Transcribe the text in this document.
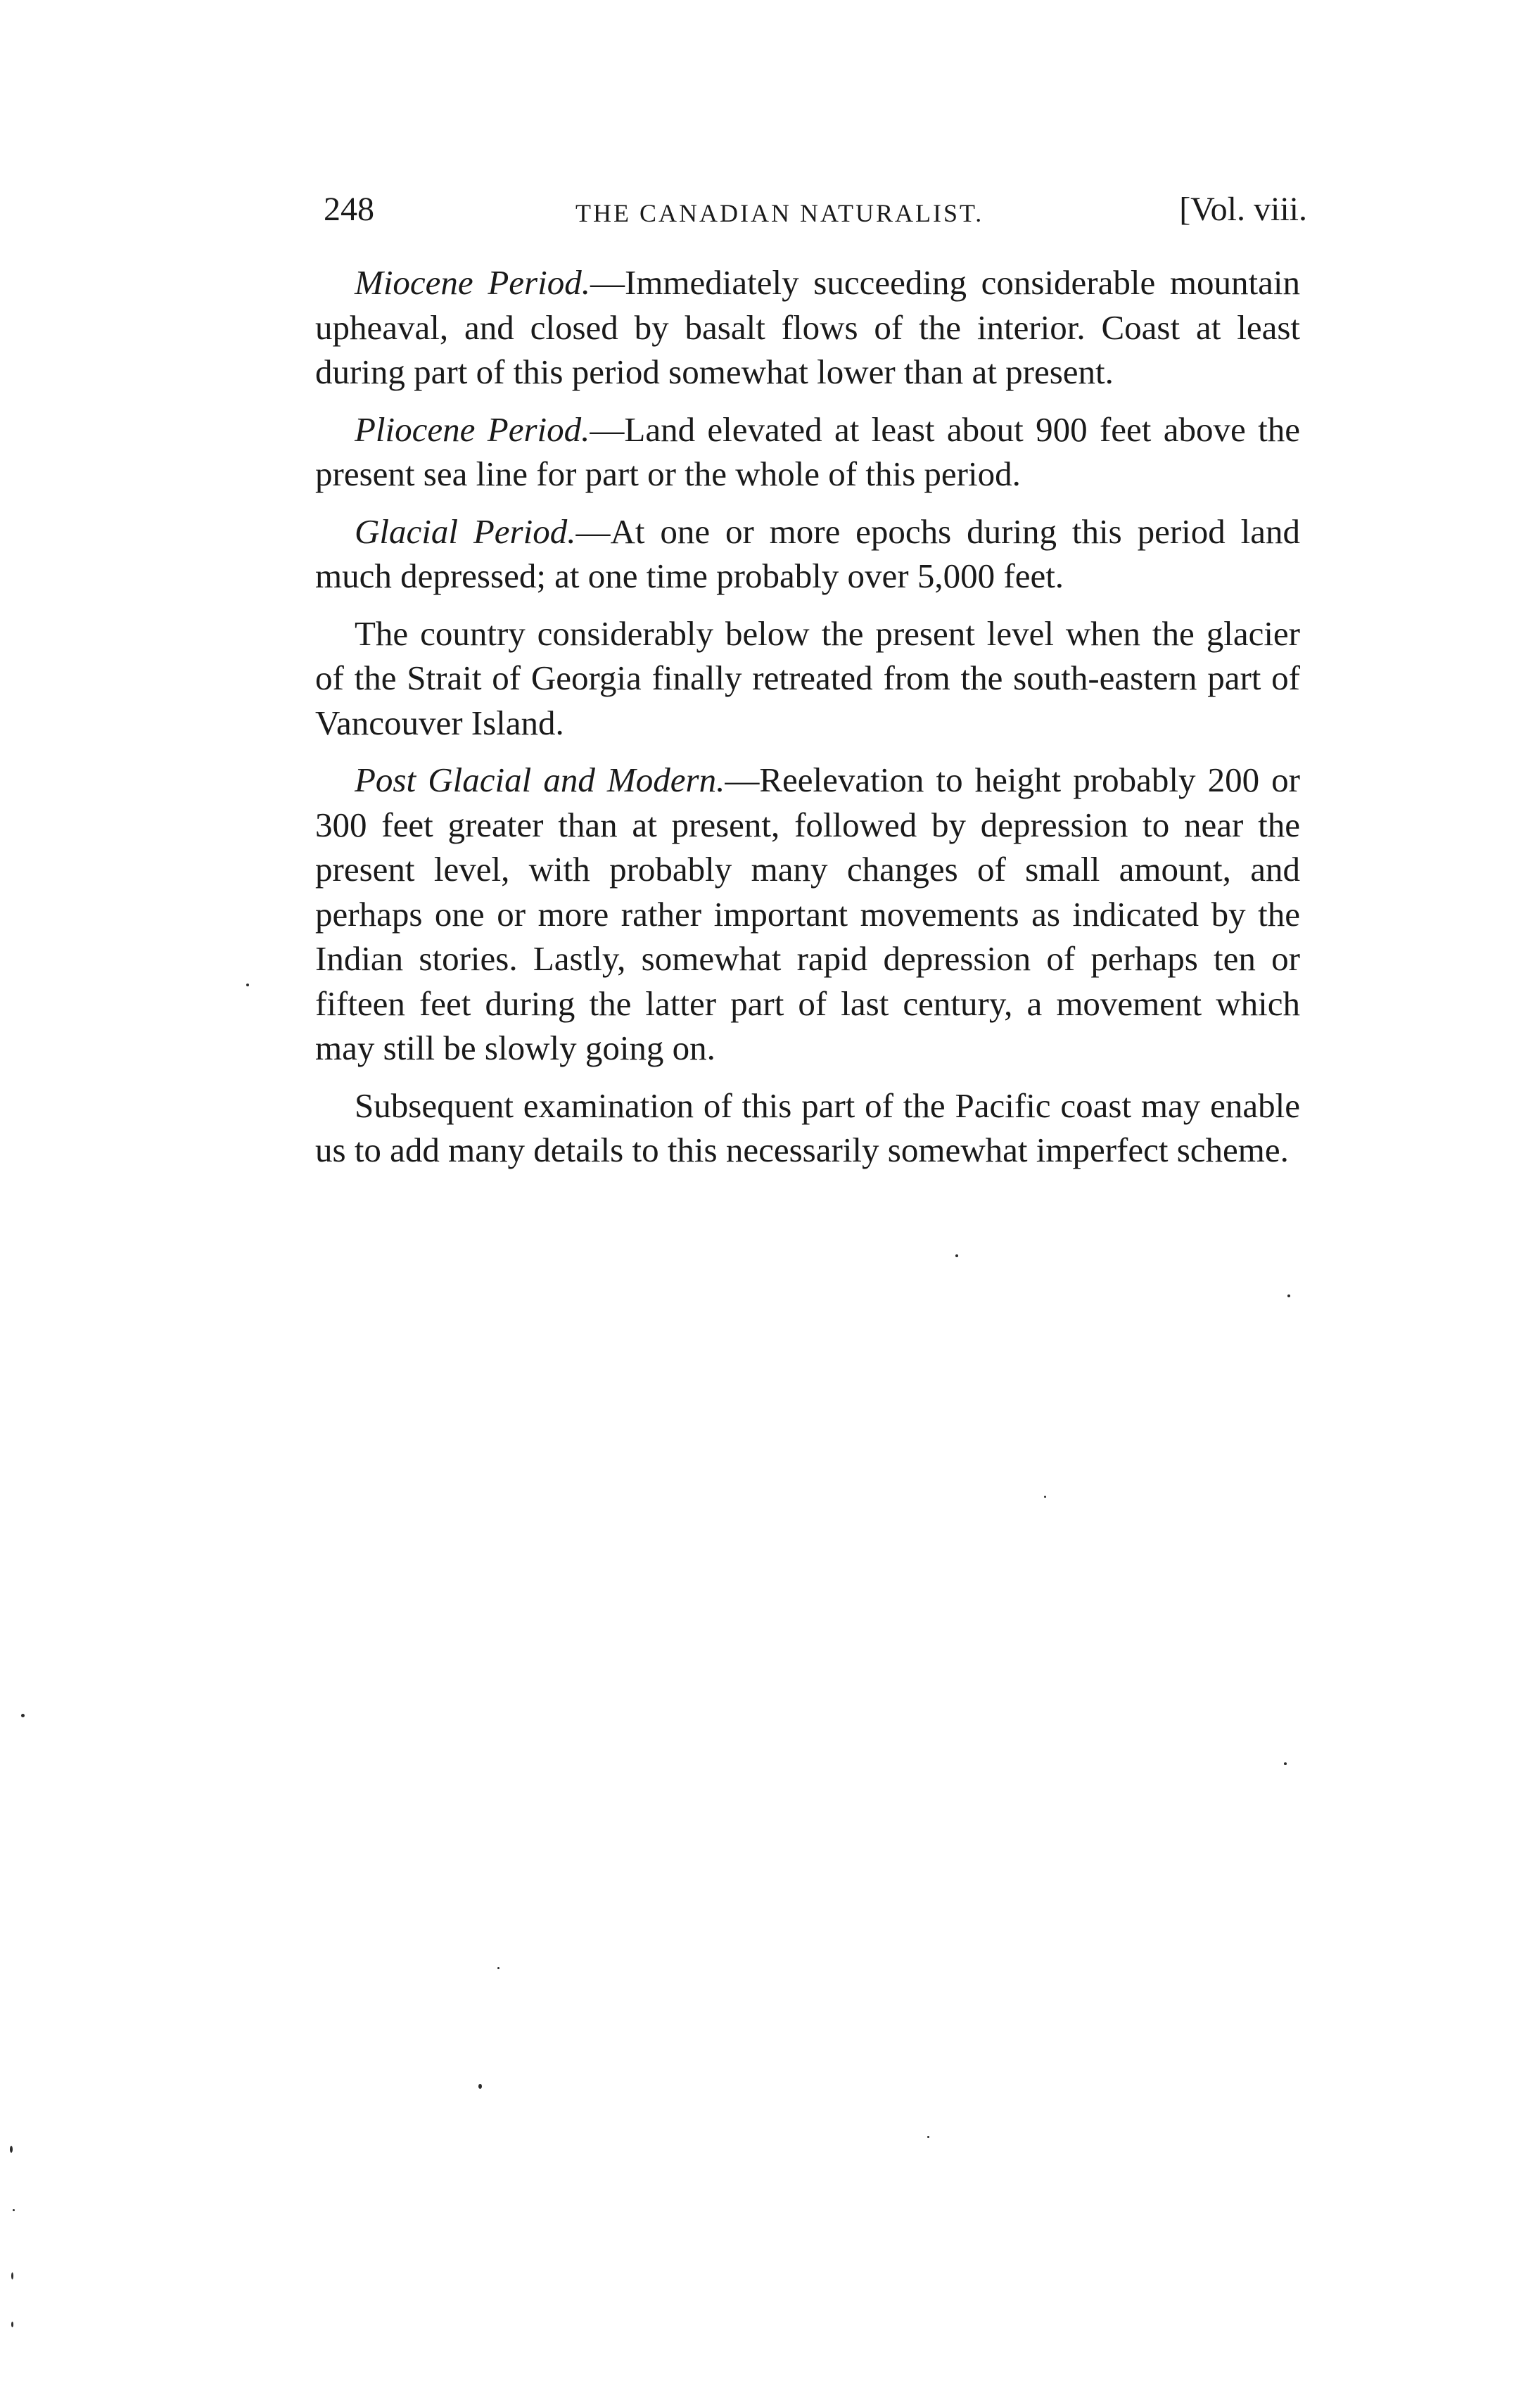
248	THE CANADIAN NATURALIST.	[Vol. viii.

Miocene Period.—Immediately succeeding considerable mountain upheaval, and closed by basalt flows of the interior. Coast at least during part of this period somewhat lower than at present.

Pliocene Period.—Land elevated at least about 900 feet above the present sea line for part or the whole of this period.

Glacial Period.—At one or more epochs during this period land much depressed; at one time probably over 5,000 feet.

The country considerably below the present level when the glacier of the Strait of Georgia finally retreated from the south-eastern part of Vancouver Island.

Post Glacial and Modern.—Reelevation to height probably 200 or 300 feet greater than at present, followed by depression to near the present level, with probably many changes of small amount, and perhaps one or more rather important movements as indicated by the Indian stories. Lastly, somewhat rapid depression of perhaps ten or fifteen feet during the latter part of last century, a movement which may still be slowly going on.

Subsequent examination of this part of the Pacific coast may enable us to add many details to this necessarily somewhat imperfect scheme.
